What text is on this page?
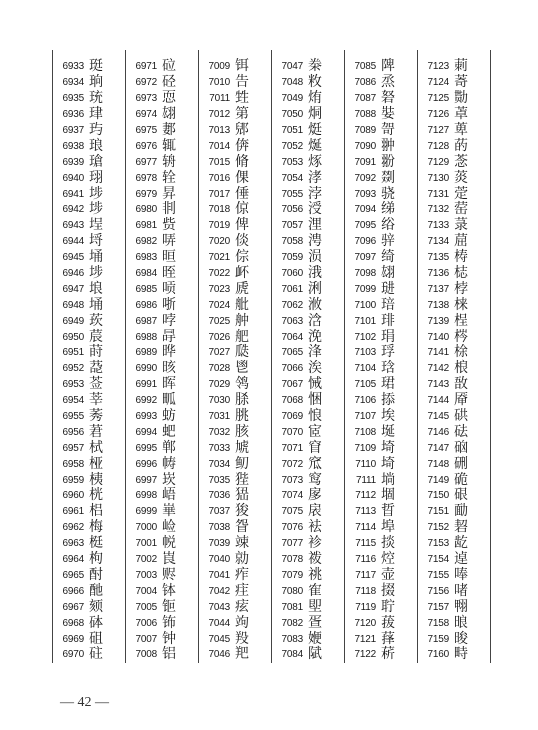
6933 珽
6934 珦
6935 珫
6936 珒
6937 玙
6938 琅
6939 瑲
6940 珝
6941 埗
6942 埗
6943 埕
6944 埒
6945 埇
6946 埗
6947 埌
6948 埇
6949 莰
6950 莀
6951 莳
6952 莻
6953 莶
6954 莘
6955 莠
6956 莙
6957 栻
6958 桠
6959 桋
6960 桄
6961 梠
6962 梅
6963 梃
6964 枸
6965 酎
6966 酏
6967 颏
6968 砵
6969 砠
6970 砫
6971 砬
6972 硁
6973 恧
6974 翃
6975 郪
6976 辄
6977 辀
6978 辁
6979 昇
6980 剕
6981 赀
6982 哢
6983 晅
6984 晊
6985 唝
6986 哳
6987 哱
6988 冔
6989 晔
6990 晐
6991 晖
6992 畖
6993 蚄
6994 蚆
6995 郸
6996 帱
6997 崁
6998 峿
6999 崋
7000 崄
7001 帨
7002 崀
7003 赆
7004 钵
7005 钷
7006 钸
7007 钟
7008 铝
7009 铒
7010 告
7011 甡
7012 第
7013 郳
7014 倴
7015 脩
7016 倮
7017 倕
7018 倞
7019 俾
7020 倓
7021 倧
7022 衃
7023 虒
7024 舭
7025 舯
7026 舥
7027 瓞
7028 鬯
7029 鸰
7030 脎
7031 朓
7032 胲
7033 虓
7034 鱽
7035 狴
7036 峱
7037 狻
7038 眢
7039 竦
7040 勍
7041 痄
7042 疰
7043 痃
7044 竘
7045 羖
7046 羓
7047 桊
7048 敉
7049 烠
7050 烔
7051 烶
7052 烻
7053 烼
7054 涍
7055 浡
7056 涭
7057 浬
7058 涄
7059 涢
7060 涐
7061 浰
7062 浟
7063 浛
7064 浼
7065 浲
7066 涘
7067 悈
7068 悃
7069 悢
7070 宧
7071 窅
7072 窊
7073 窎
7074 扅
7075 扆
7076 袪
7077 袗
7078 袯
7079 祧
7080 隺
7081 堲
7082 疍
7083 㛹
7084 陚
7085 陴
7086 烝
7087 砮
7088 娤
7089 哿
7090 翀
7091 翂
7092 剟
7093 骁
7094 绨
7095 绤
7096 骍
7097 绮
7098 翃
7099 琎
7100 琣
7101 琲
7102 琄
7103 琈
7104 琀
7105 珺
7106 掭
7107 埃
7108 埏
7109 埼
7110 埼
7111 埫
7112 堌
7113 晢
7114 埠
7115 掞
7116 焢
7117 壶
7118 掇
7119 聍
7120 菝
7121 萚
7122 菥
7123 莿
7124 䓫
7125 勚
7126 䓬
7127 萆
7128 菂
7129 菍
7130 菼
7131 萣
7132 䓨
7133 菉
7134 䓛
7135 梼
7136 梽
7137 桲
7138 梾
7139 桯
7140 梣
7141 梌
7142 桹
7143 敔
7144 厣
7145 硔
7146 砝
7147 硇
7148 硎
7149 硊
7150 硍
7151 勔
7152 䂮
7153 龁
7154 逴
7155 唪
7156 啫
7157 翈
7158 㫰
7159 晙
7160 畤
— 42 —
